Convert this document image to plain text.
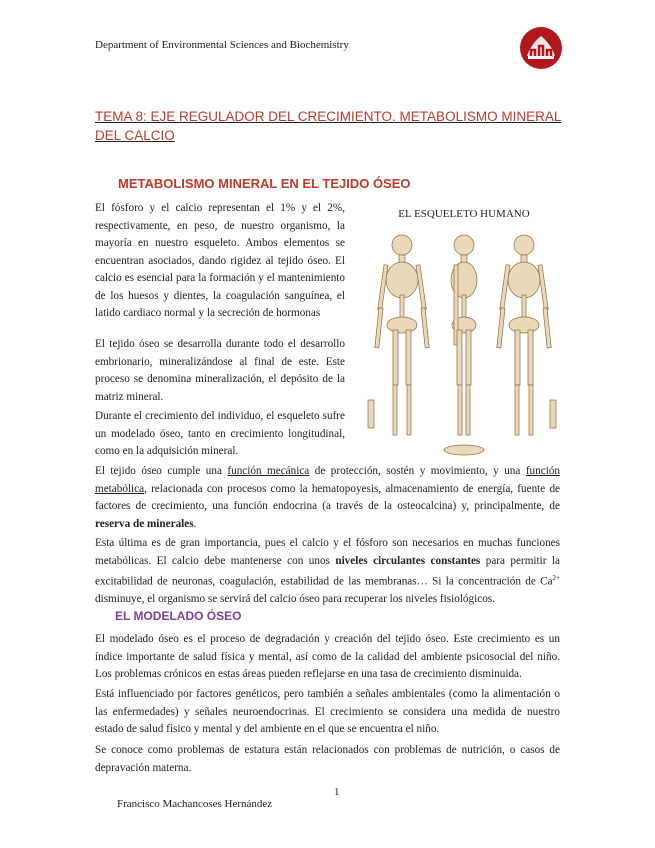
Department of Environmental Sciences and Biochemistry
TEMA 8: EJE REGULADOR DEL CRECIMIENTO. METABOLISMO MINERAL DEL CALCIO
METABOLISMO MINERAL EN EL TEJIDO ÓSEO
El fósforo y el calcio representan el 1% y el 2%, respectivamente, en peso, de nuestro organismo, la mayoría en nuestro esqueleto. Ambos elementos se encuentran asociados, dando rigidez al tejido óseo. El calcio es esencial para la formación y el mantenimiento de los huesos y dientes, la coagulación sanguínea, el latido cardiaco normal y la secreción de hormonas
El tejido óseo se desarrolla durante todo el desarrollo embrionario, mineralizándose al final de este. Este proceso se denomina mineralización, el depósito de la matriz mineral.
Durante el crecimiento del individuo, el esqueleto sufre un modelado óseo, tanto en crecimiento longitudinal, como en la adquisición mineral.
EL ESQUELETO HUMANO
El tejido óseo cumple una función mecánica de protección, sostén y movimiento, y una función metabólica, relacionada con procesos como la hematopoyesis, almacenamiento de energía, fuente de factores de crecimiento, una función endocrina (a través de la osteocalcina) y, principalmente, de reserva de minerales.
Esta última es de gran importancia, pues el calcio y el fósforo son necesarios en muchas funciones metabólicas. El calcio debe mantenerse con unos niveles circulantes constantes para permitir la excitabilidad de neuronas, coagulación, estabilidad de las membranas… Si la concentración de $Ca^{2+}$ disminuye, el organismo se servirá del calcio óseo para recuperar los niveles fisiológicos.
EL MODELADO ÓSEO
El modelado óseo es el proceso de degradación y creación del tejido óseo. Este crecimiento es un índice importante de salud física y mental, así como de la calidad del ambiente psicosocial del niño. Los problemas crónicos en estas áreas pueden reflejarse en una tasa de crecimiento disminuida.
Está influenciado por factores genéticos, pero también a señales ambientales (como la alimentación o las enfermedades) y señales neuroendocrinas. El crecimiento se considera una medida de nuestro estado de salud físico y mental y del ambiente en el que se encuentra el niño.
Se conoce como problemas de estatura están relacionados con problemas de nutrición, o casos de depravación materna.
1
Francisco Machancoses Hernández
